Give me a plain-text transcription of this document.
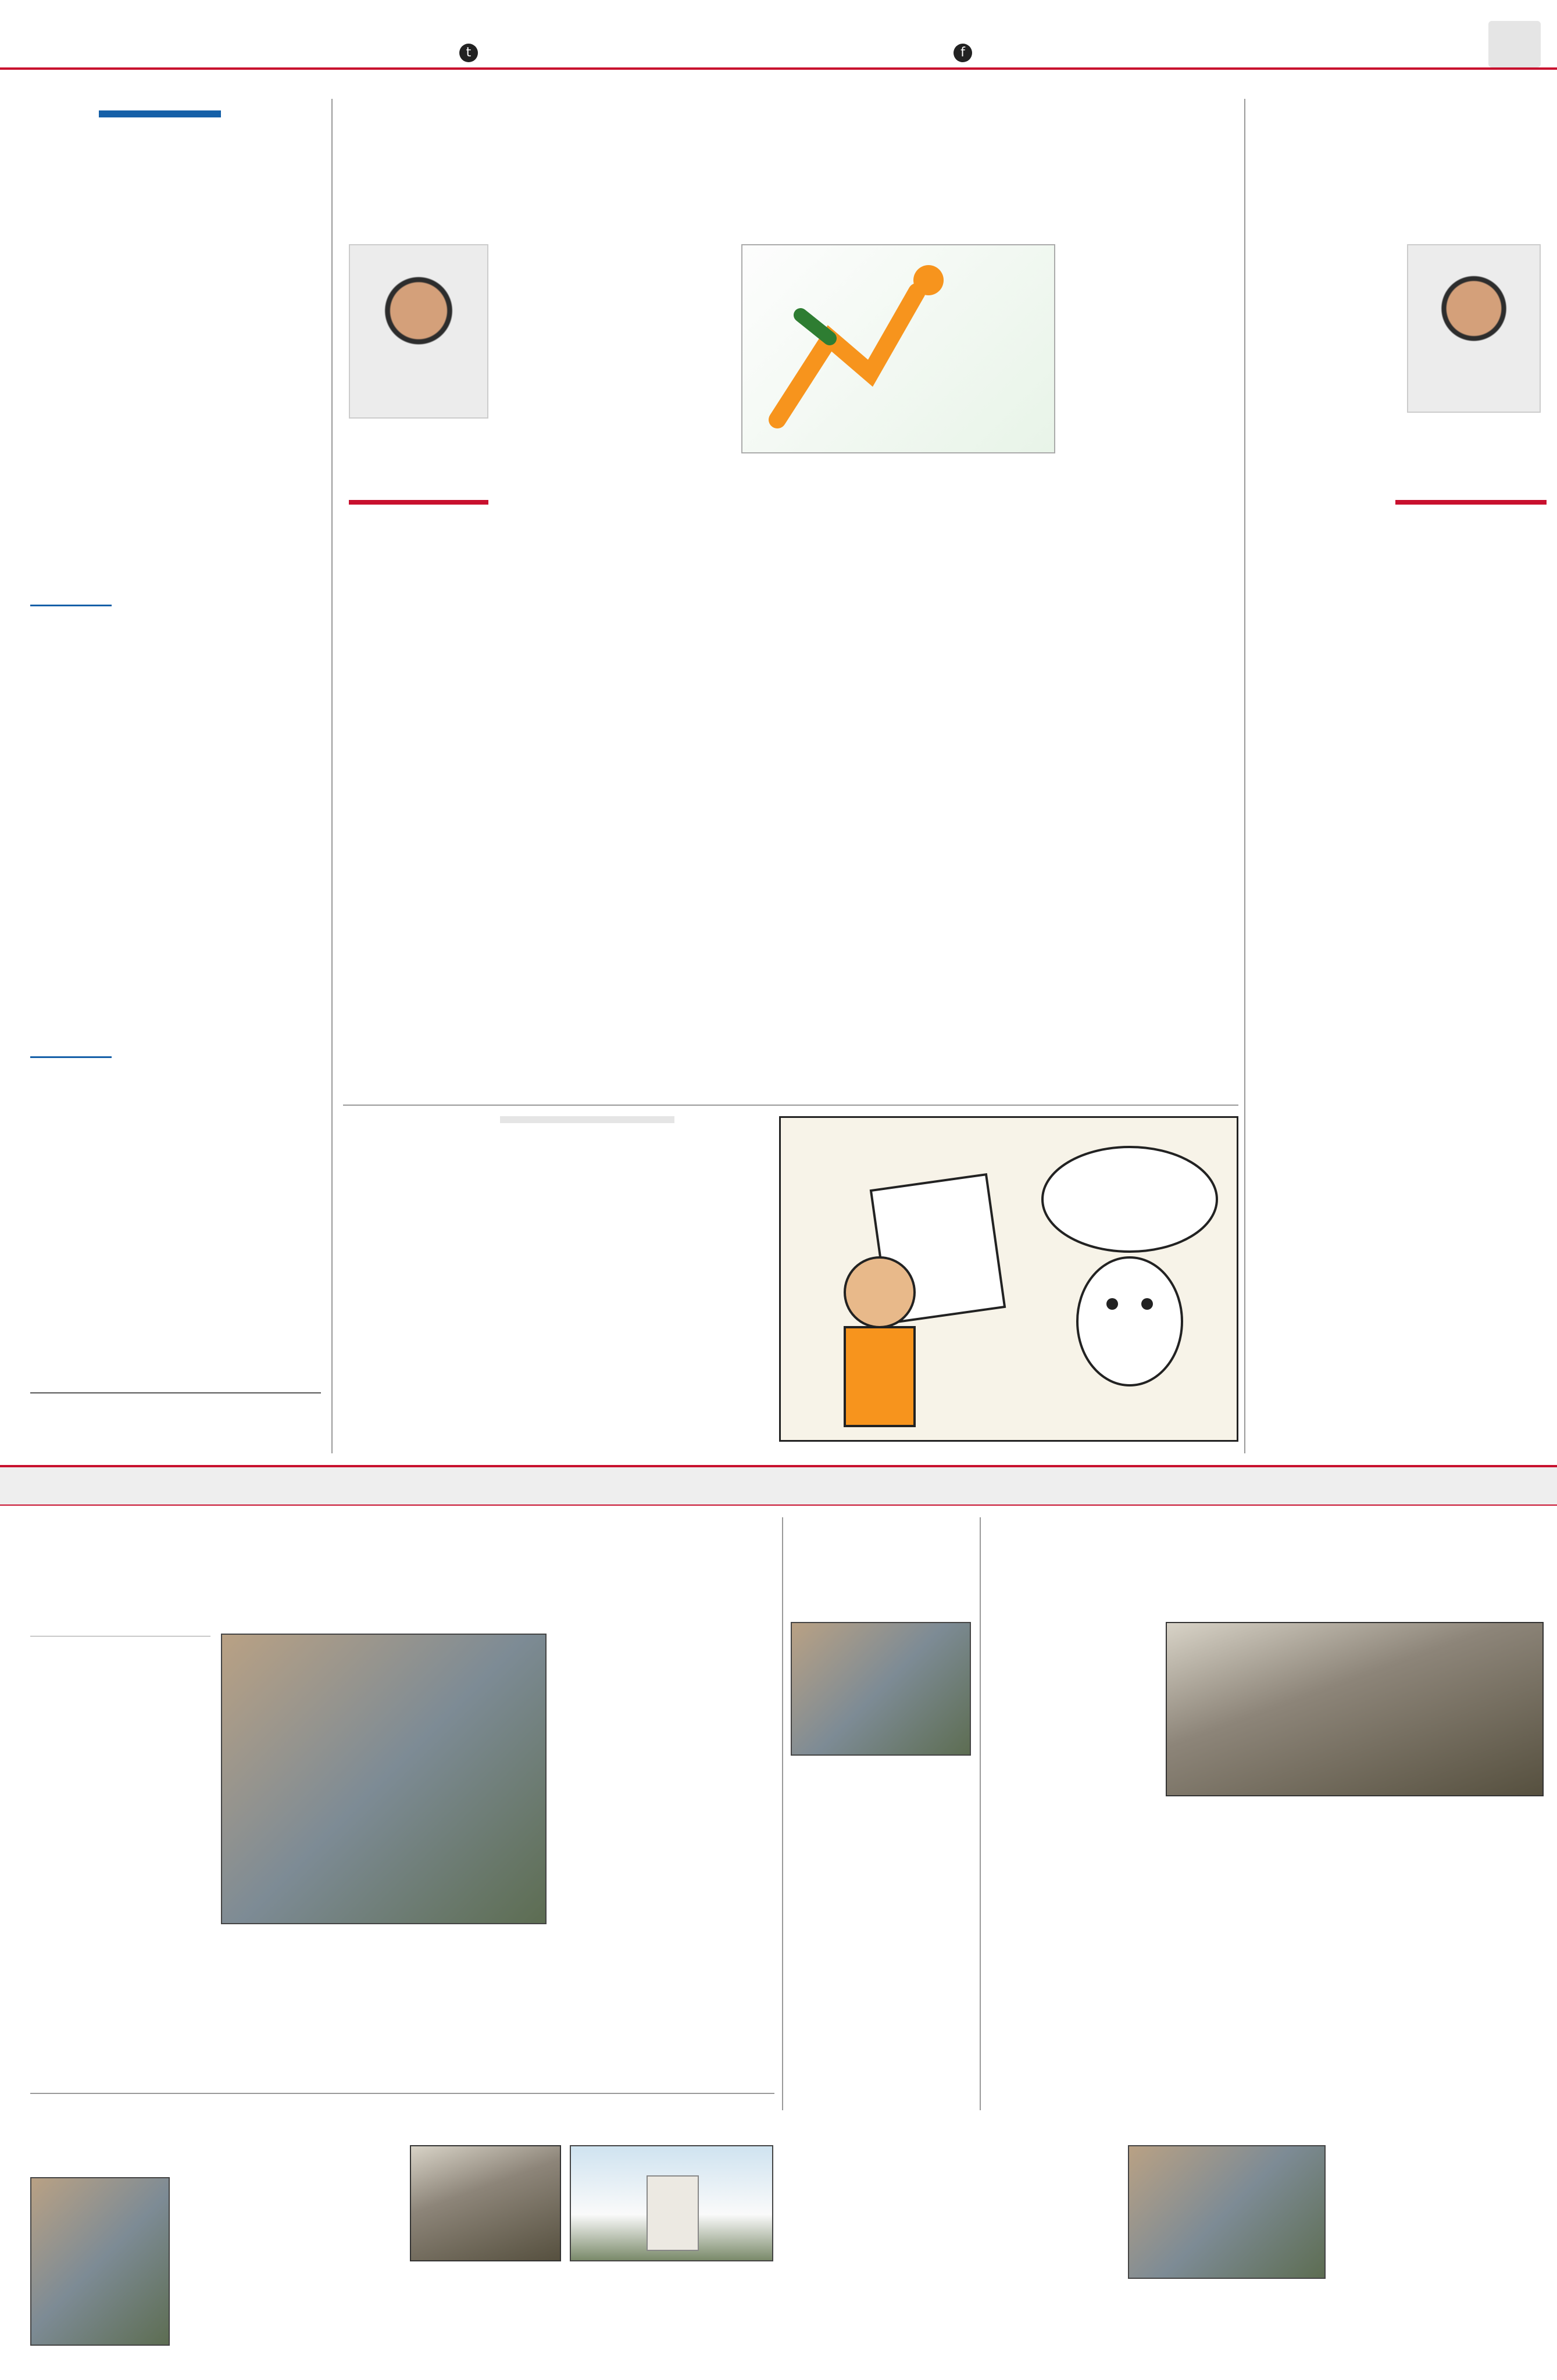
t	f
